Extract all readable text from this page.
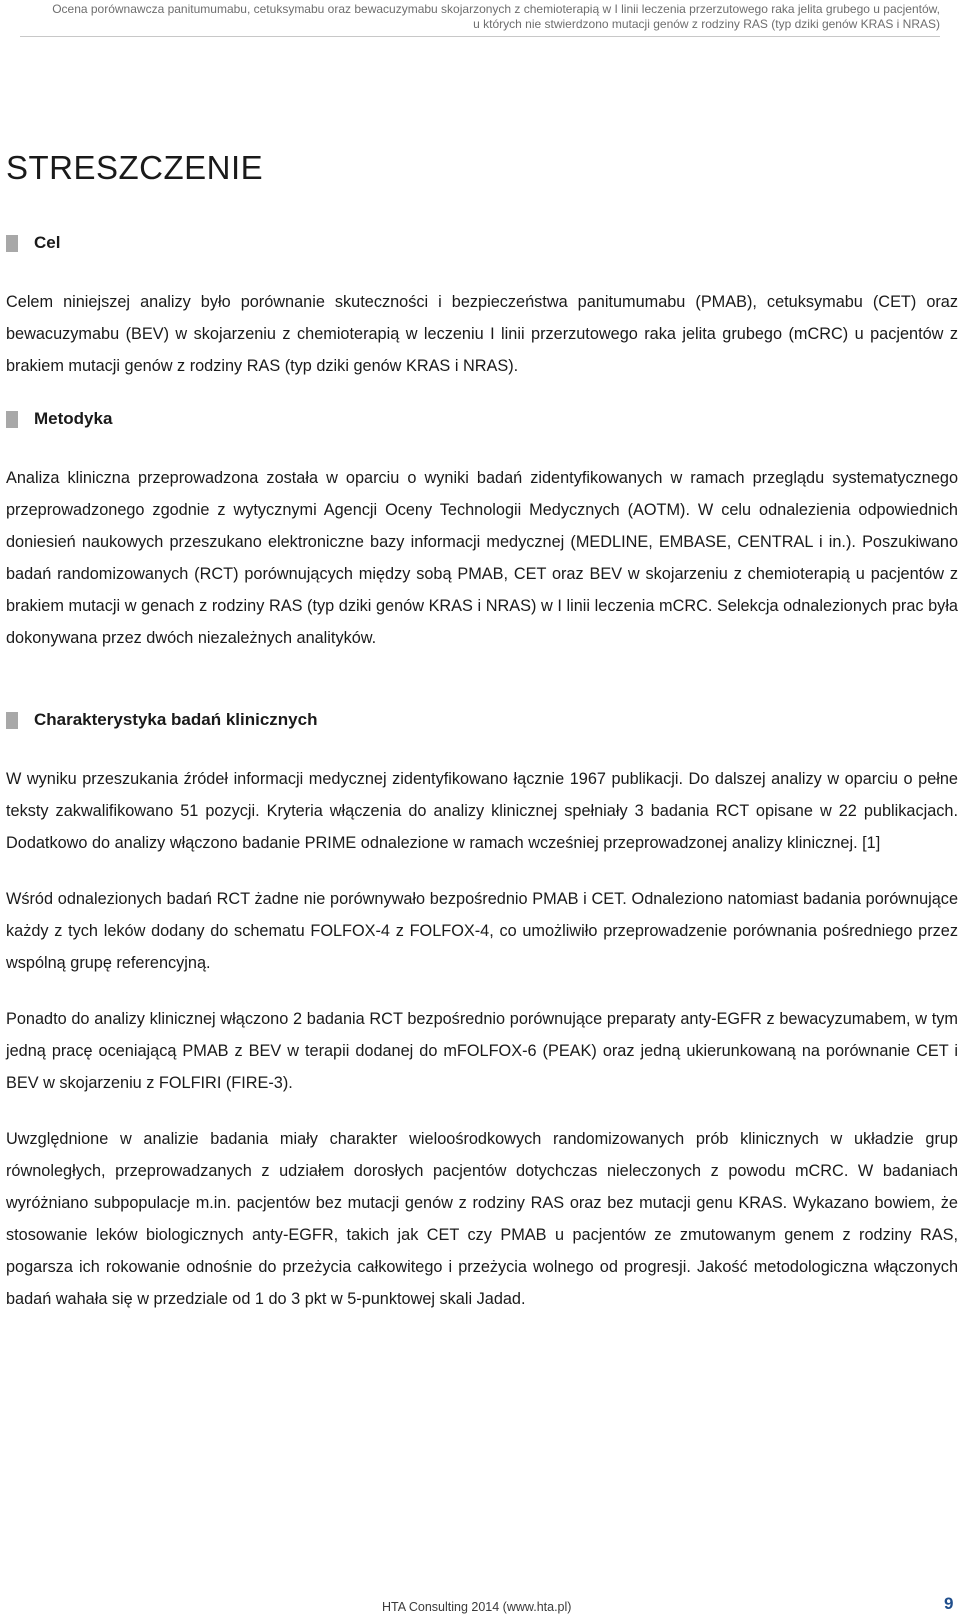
Ocena porównawcza panitumumabu, cetuksymabu oraz bewacuzymabu skojarzonych z chemioterapią w I linii leczenia przerzutowego raka jelita grubego u pacjentów,
u których nie stwierdzono mutacji genów z rodziny RAS (typ dziki genów KRAS i NRAS)
STRESZCZENIE
Cel

Celem niniejszej analizy było porównanie skuteczności i bezpieczeństwa panitumumabu (PMAB), cetuksymabu (CET) oraz bewacuzymabu (BEV) w skojarzeniu z chemioterapią w leczeniu I linii przerzutowego raka jelita grubego (mCRC) u pacjentów z brakiem mutacji genów z rodziny RAS (typ dziki genów KRAS i NRAS).

Metodyka

Analiza kliniczna przeprowadzona została w oparciu o wyniki badań zidentyfikowanych w ramach przeglądu systematycznego przeprowadzonego zgodnie z wytycznymi Agencji Oceny Technologii Medycznych (AOTM). W celu odnalezienia odpowiednich doniesień naukowych przeszukano elektroniczne bazy informacji medycznej (MEDLINE, EMBASE, CENTRAL i in.). Poszukiwano badań randomizowanych (RCT) porównujących między sobą PMAB, CET oraz BEV w skojarzeniu z chemioterapią u pacjentów z brakiem mutacji w genach z rodziny RAS (typ dziki genów KRAS i NRAS) w I linii leczenia mCRC. Selekcja odnalezionych prac była dokonywana przez dwóch niezależnych analityków.

Charakterystyka badań klinicznych

W wyniku przeszukania źródeł informacji medycznej zidentyfikowano łącznie 1967 publikacji. Do dalszej analizy w oparciu o pełne teksty zakwalifikowano 51 pozycji. Kryteria włączenia do analizy klinicznej spełniały 3 badania RCT opisane w 22 publikacjach. Dodatkowo do analizy włączono badanie PRIME odnalezione w ramach wcześniej przeprowadzonej analizy klinicznej. [1]

Wśród odnalezionych badań RCT żadne nie porównywało bezpośrednio PMAB i CET. Odnaleziono natomiast badania porównujące każdy z tych leków dodany do schematu FOLFOX-4 z FOLFOX-4, co umożliwiło przeprowadzenie porównania pośredniego przez wspólną grupę referencyjną.

Ponadto do analizy klinicznej włączono 2 badania RCT bezpośrednio porównujące preparaty anty-EGFR z bewacyzumabem, w tym jedną pracę oceniającą PMAB z BEV w terapii dodanej do mFOLFOX-6 (PEAK) oraz jedną ukierunkowaną na porównanie CET i BEV w skojarzeniu z FOLFIRI (FIRE-3).

Uwzględnione w analizie badania miały charakter wieloośrodkowych randomizowanych prób klinicznych w układzie grup równoległych, przeprowadzanych z udziałem dorosłych pacjentów dotychczas nieleczonych z powodu mCRC. W badaniach wyróżniano subpopulacje m.in. pacjentów bez mutacji genów z rodziny RAS oraz bez mutacji genu KRAS. Wykazano bowiem, że stosowanie leków biologicznych anty-EGFR, takich jak CET czy PMAB u pacjentów ze zmutowanym genem z rodziny RAS, pogarsza ich rokowanie odnośnie do przeżycia całkowitego i przeżycia wolnego od progresji. Jakość metodologiczna włączonych badań wahała się w przedziale od 1 do 3 pkt w 5-punktowej skali Jadad.

HTA Consulting 2014 (www.hta.pl)	9
